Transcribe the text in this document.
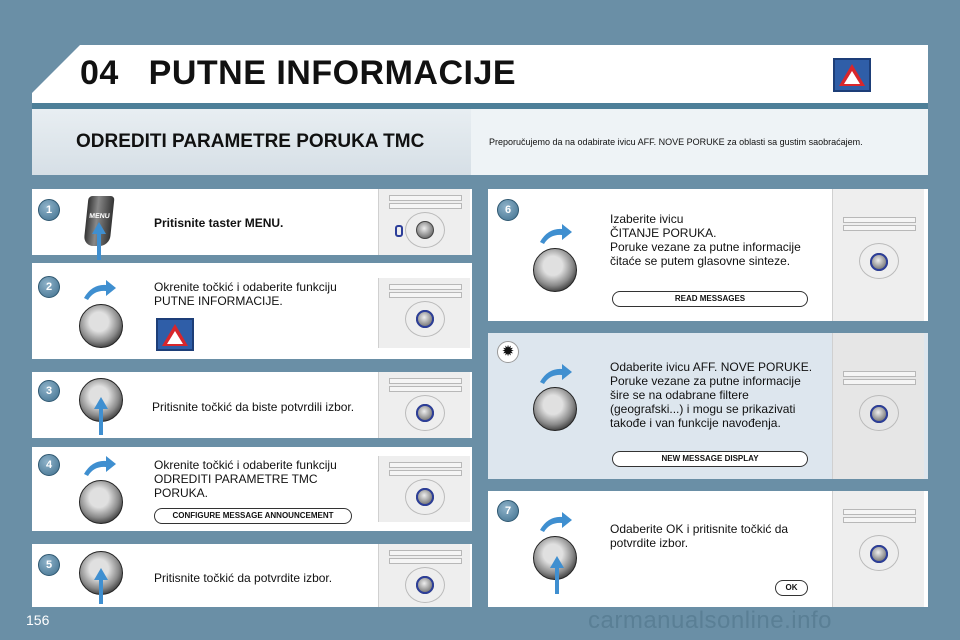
04   PUTNE INFORMACIJE
ODREDITI PARAMETRE PORUKA TMC	Preporučujemo da na odabirate ivicu AFF. NOVE PORUKE za oblasti sa gustim saobraćajem.
1
MENU	Pritisnite taster MENU.
2	Okrenite točkić i odaberite funkciju
PUTNE INFORMACIJE.
3
Pritisnite točkić da biste potvrdili izbor.
4	Okrenite točkić i odaberite funkciju
ODREDITI PARAMETRE TMC
PORUKA.
CONFIGURE MESSAGE ANNOUNCEMENT
5
Pritisnite točkić da potvrdite izbor.
6
Izaberite ivicu
ČITANJE PORUKA.
Poruke vezane za putne informacije
čitaće se putem glasovne sinteze.
READ MESSAGES
✹
Odaberite ivicu AFF. NOVE PORUKE.
Poruke vezane za putne informacije
šire se na odabrane filtere
(geografski...) i mogu se prikazivati
takođe i van funkcije navođenja.
NEW MESSAGE DISPLAY
7
Odaberite OK i pritisnite točkić da
potvrdite izbor.
OK
156	carmanualsonline.info
